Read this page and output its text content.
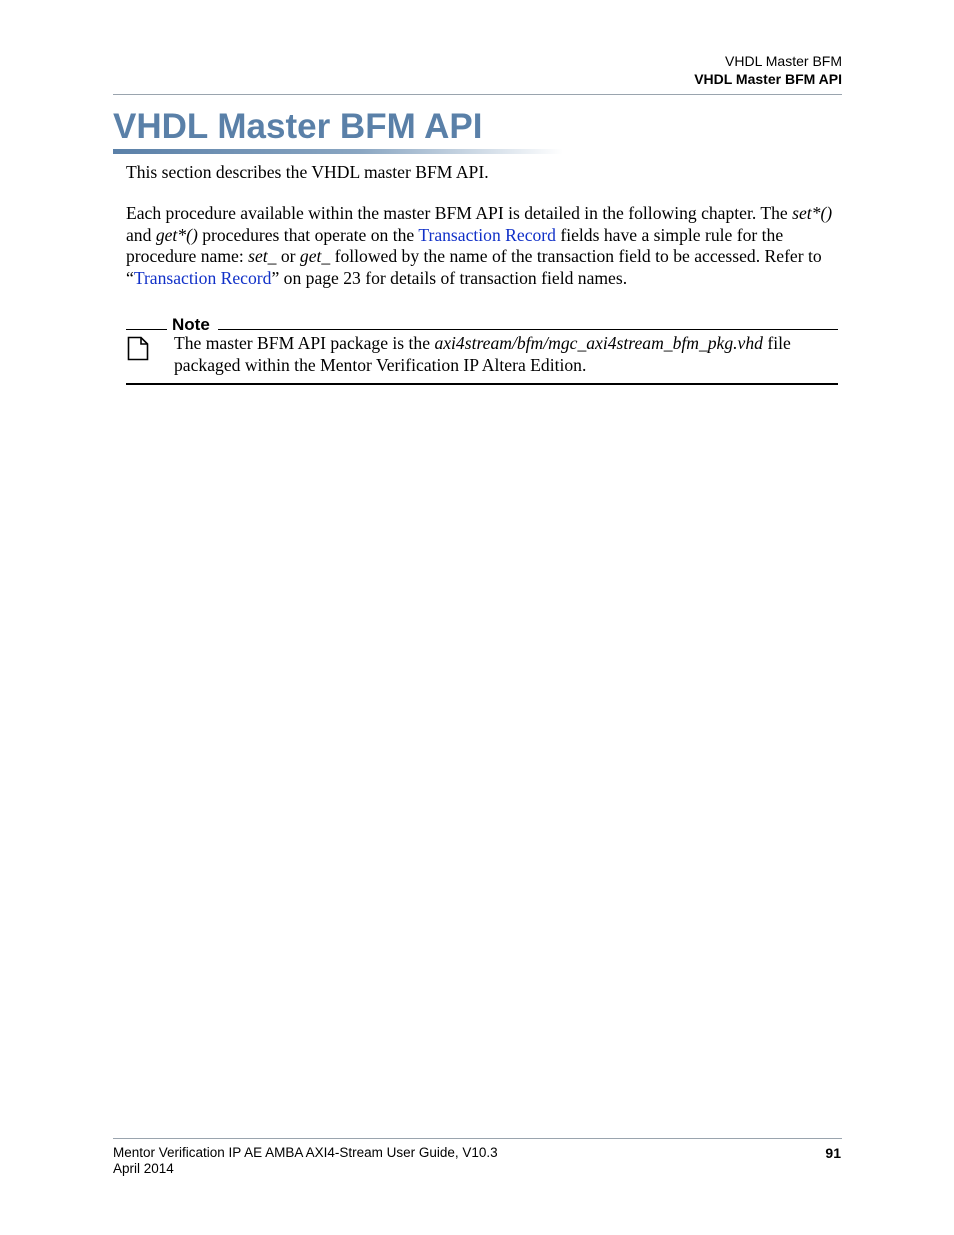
VHDL Master BFM
VHDL Master BFM API
VHDL Master BFM API

This section describes the VHDL master BFM API.

Each procedure available within the master BFM API is detailed in the following chapter. The set*() and get*() procedures that operate on the Transaction Record fields have a simple rule for the procedure name: set_ or get_ followed by the name of the transaction field to be accessed. Refer to “Transaction Record” on page 23 for details of transaction field names.

Note

The master BFM API package is the axi4stream/bfm/mgc_axi4stream_bfm_pkg.vhd file packaged within the Mentor Verification IP Altera Edition.

Mentor Verification IP AE AMBA AXI4-Stream User Guide, V10.3
April 2014
91
